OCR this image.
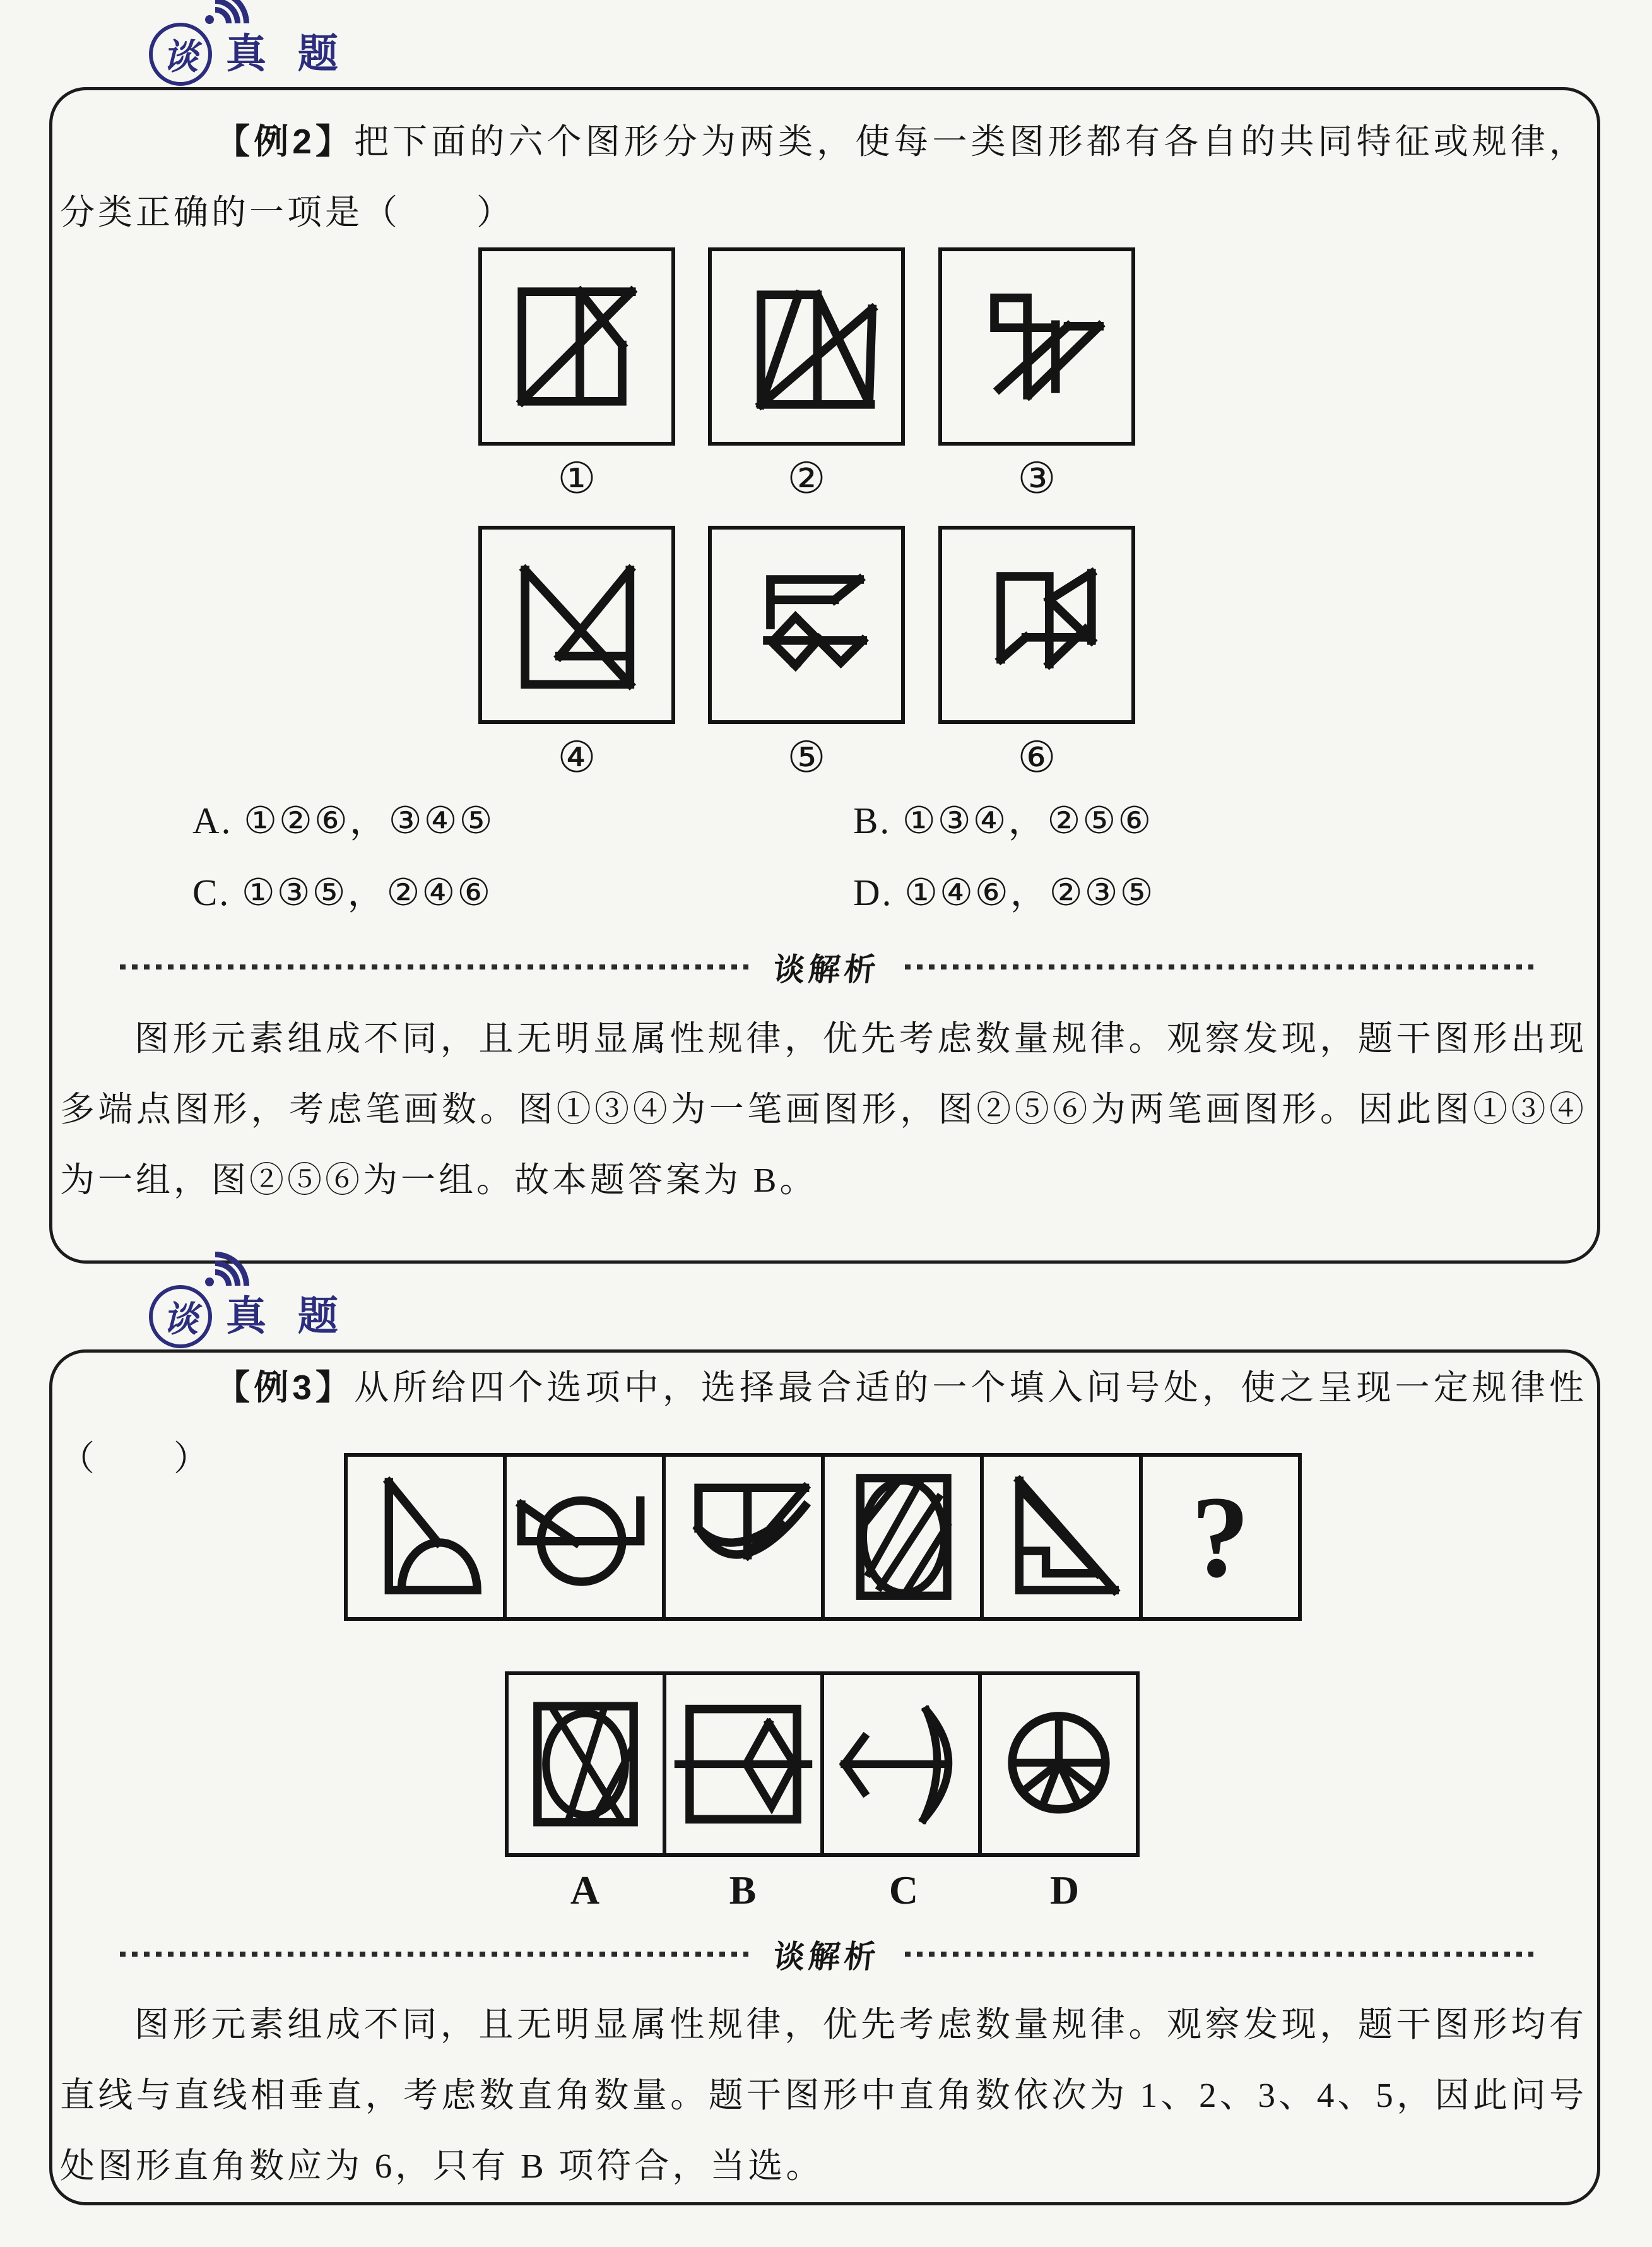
谈 真 题
【例2】把下面的六个图形分为两类，使每一类图形都有各自的共同特征或规律，分类正确的一项是（　　）
①	②	③
④	⑤	⑥
A. ①②⑥，③④⑤	B. ①③④，②⑤⑥
C. ①③⑤，②④⑥	D. ①④⑥，②③⑤
谈解析
图形元素组成不同，且无明显属性规律，优先考虑数量规律。观察发现，题干图形出现多端点图形，考虑笔画数。图①③④为一笔画图形，图②⑤⑥为两笔画图形。因此图①③④为一组，图②⑤⑥为一组。故本题答案为 B。
谈 真 题
【例3】从所给四个选项中，选择最合适的一个填入问号处，使之呈现一定规律性（　　）
?
A	B	C	D
谈解析
图形元素组成不同，且无明显属性规律，优先考虑数量规律。观察发现，题干图形均有直线与直线相垂直，考虑数直角数量。题干图形中直角数依次为 1、2、3、4、5，因此问号处图形直角数应为 6，只有 B 项符合，当选。
